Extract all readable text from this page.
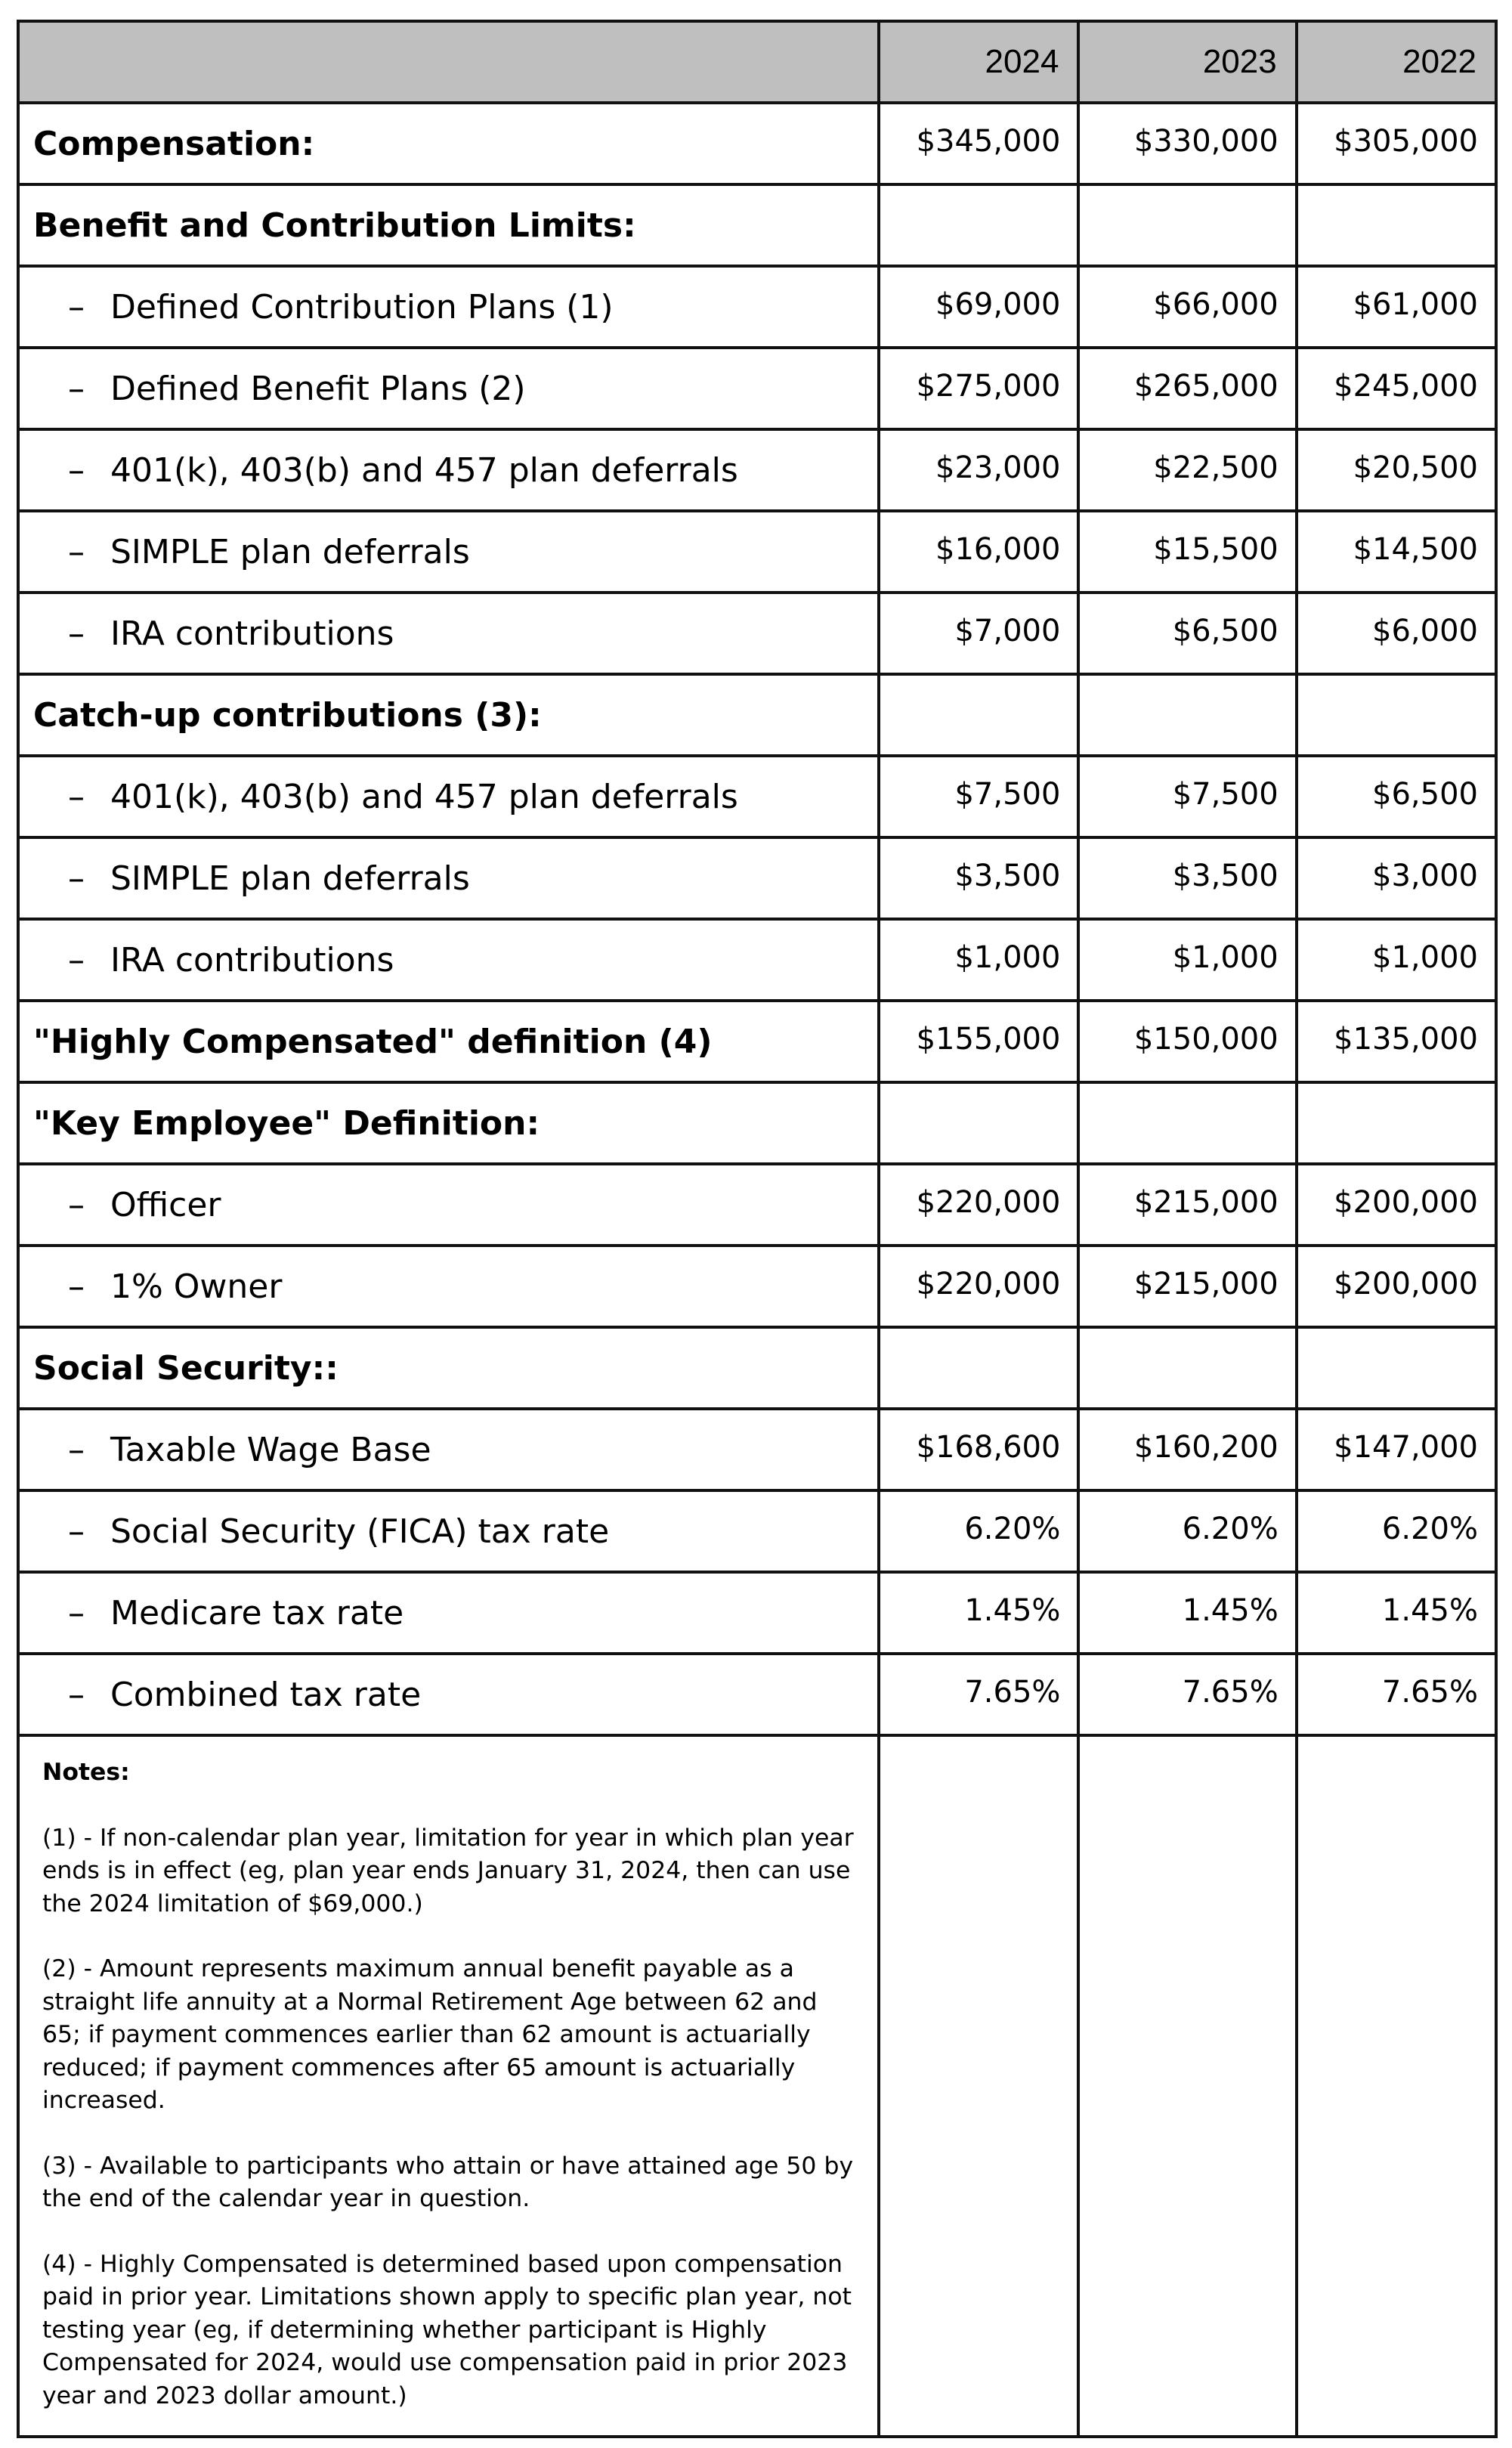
	2024	2023	2022
Compensation:	$345,000	$330,000	$305,000
Benefit and Contribution Limits:			
– Defined Contribution Plans (1)	$69,000	$66,000	$61,000
– Defined Benefit Plans (2)	$275,000	$265,000	$245,000
– 401(k), 403(b) and 457 plan deferrals	$23,000	$22,500	$20,500
– SIMPLE plan deferrals	$16,000	$15,500	$14,500
– IRA contributions	$7,000	$6,500	$6,000
Catch-up contributions (3):			
– 401(k), 403(b) and 457 plan deferrals	$7,500	$7,500	$6,500
– SIMPLE plan deferrals	$3,500	$3,500	$3,000
– IRA contributions	$1,000	$1,000	$1,000
"Highly Compensated" definition (4)	$155,000	$150,000	$135,000
"Key Employee" Definition:			
– Officer	$220,000	$215,000	$200,000
– 1% Owner	$220,000	$215,000	$200,000
Social Security::			
– Taxable Wage Base	$168,600	$160,200	$147,000
– Social Security (FICA) tax rate	6.20%	6.20%	6.20%
– Medicare tax rate	1.45%	1.45%	1.45%
– Combined tax rate	7.65%	7.65%	7.65%

Notes:
(1) - If non-calendar plan year, limitation for year in which plan year ends is in effect (eg, plan year ends January 31, 2024, then can use the 2024 limitation of $69,000.)
(2) - Amount represents maximum annual benefit payable as a straight life annuity at a Normal Retirement Age between 62 and 65; if payment commences earlier than 62 amount is actuarially reduced; if payment commences after 65 amount is actuarially increased.
(3) - Available to participants who attain or have attained age 50 by the end of the calendar year in question.
(4) - Highly Compensated is determined based upon compensation paid in prior year. Limitations shown apply to specific plan year, not testing year (eg, if determining whether participant is Highly Compensated for 2024, would use compensation paid in prior 2023 year and 2023 dollar amount.)			
